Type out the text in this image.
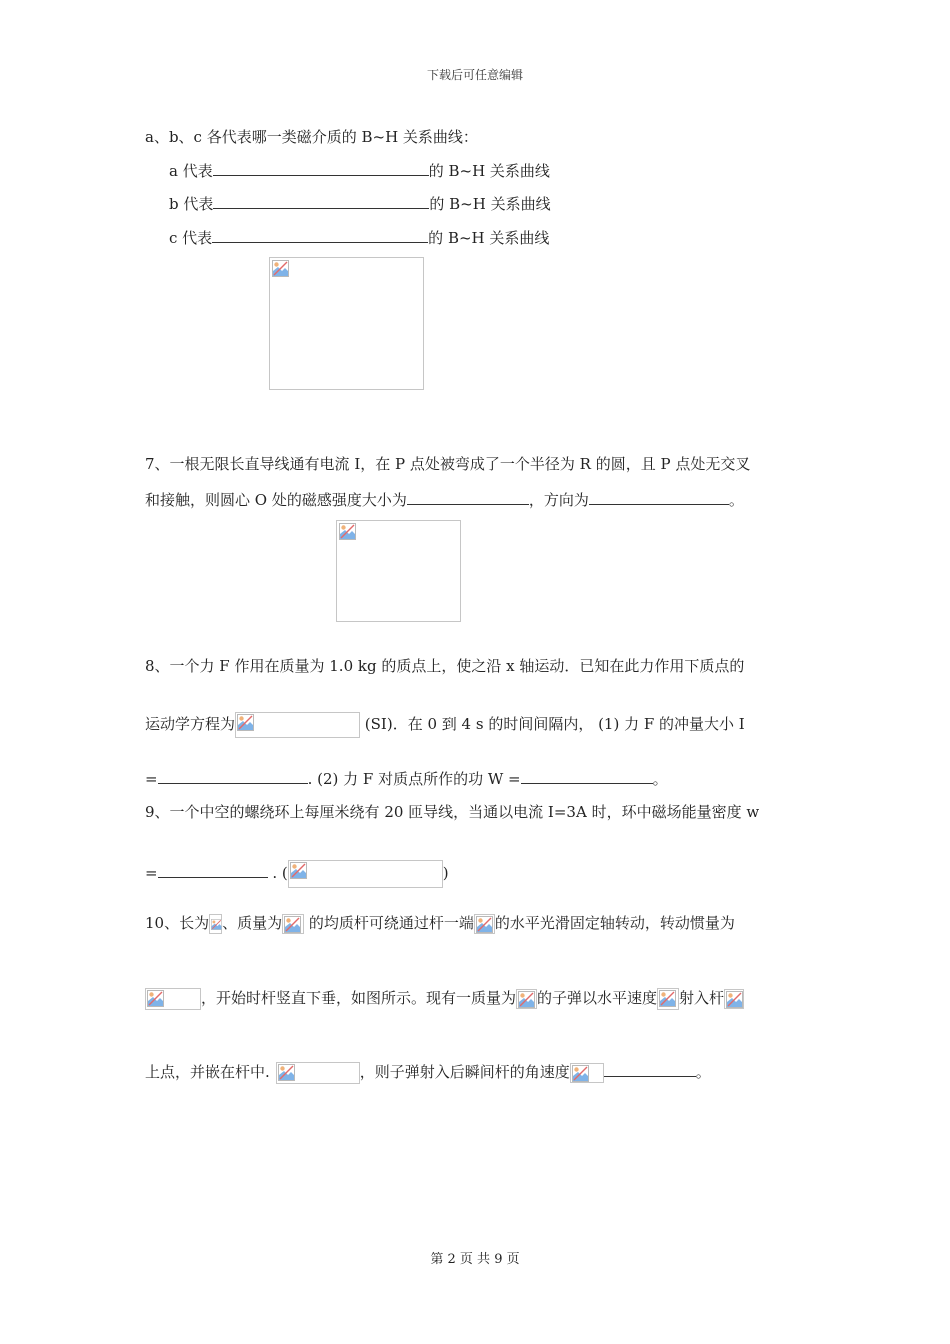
下载后可任意编辑
a、b、c 各代表哪一类磁介质的 B~H 关系曲线：
a 代表	的 B~H 关系曲线
b 代表	的 B~H 关系曲线
c 代表	的 B~H 关系曲线
7、一根无限长直导线通有电流 I，在 P 点处被弯成了一个半径为 R 的圆，且 P 点处无交叉
和接触，则圆心 O 处的磁感强度大小为	，方向为	。
8、一个力 F 作用在质量为 1.0 kg 的质点上，使之沿 x 轴运动．已知在此力作用下质点的
运动学方程为	(SI)．在 0 到 4 s 的时间间隔内， (1) 力 F 的冲量大小 I
=	. (2) 力 F 对质点所作的功 W =	。
9、一个中空的螺绕环上每厘米绕有 20 匝导线，当通以电流 I=3A 时，环中磁场能量密度 w
=	. (	)
10、长为 、质量为
的均质杆可绕通过杆一端 的水平光滑固定轴转动，转动惯量为
，开始时杆竖直下垂，如图所示。现有一质量为 的子弹以水平速度 射入杆
上点，并嵌在杆中.	，则子弹射入后瞬间杆的角速度	。
第 2 页 共 9 页
